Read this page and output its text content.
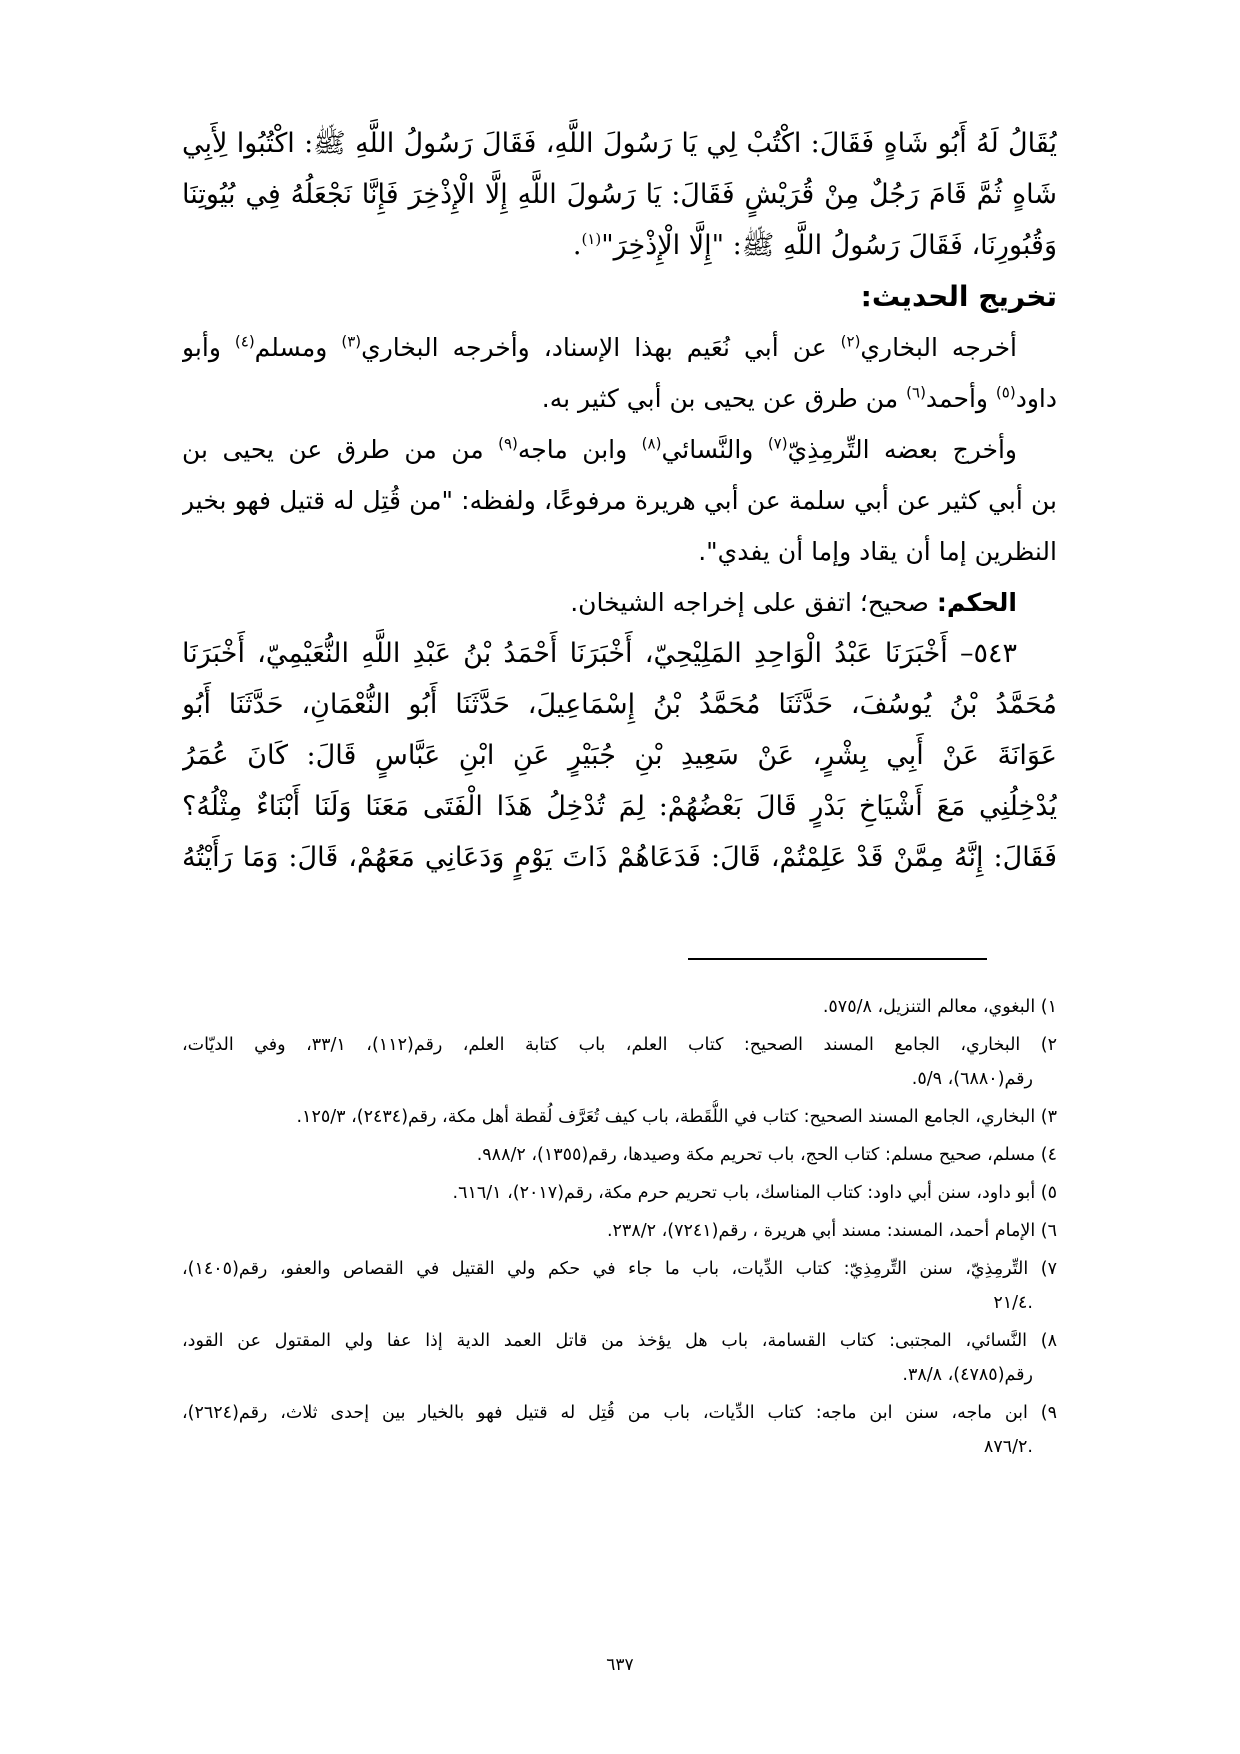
يُقَالُ لَهُ أَبُو شَاهٍ فَقَالَ: اكْتُبْ لِي يَا رَسُولَ اللَّهِ، فَقَالَ رَسُولُ اللَّهِ ﷺ: اكْتُبُوا لِأَبِي
شَاهٍ ثُمَّ قَامَ رَجُلٌ مِنْ قُرَيْشٍ فَقَالَ: يَا رَسُولَ اللَّهِ إِلَّا الْإِذْخِرَ فَإِنَّا نَجْعَلُهُ فِي بُيُوتِنَا
وَقُبُورِنَا، فَقَالَ رَسُولُ اللَّهِ ﷺ: "إِلَّا الْإِذْخِرَ"$^{(١)}$.

تخريج الحديث:

أخرجه البخاري$^{(٢)}$ عن أبي نُعَيم بهذا الإسناد، وأخرجه البخاري$^{(٣)}$ ومسلم$^{(٤)}$ وأبو
داود$^{(٥)}$ وأحمد$^{(٦)}$ من طرق عن يحيى بن أبي كثير به.

وأخرج بعضه التِّرمِذِيّ$^{(٧)}$ والنَّسائي$^{(٨)}$ وابن ماجه$^{(٩)}$ من من طرق عن يحيى بن
بن أبي كثير عن أبي سلمة عن أبي هريرة مرفوعًا، ولفظه: "من قُتِل له قتيل فهو بخير
النظرين إما أن يقاد وإما أن يفدي".

الحكم: صحيح؛ اتفق على إخراجه الشيخان.

٥٤٣– أَخْبَرَنَا عَبْدُ الْوَاحِدِ المَلِيْحِيّ، أَخْبَرَنَا أَحْمَدُ بْنُ عَبْدِ اللَّهِ النُّعَيْمِيّ، أَخْبَرَنَا
مُحَمَّدُ بْنُ يُوسُفَ، حَدَّثَنَا مُحَمَّدُ بْنُ إِسْمَاعِيلَ، حَدَّثَنَا أَبُو النُّعْمَانِ، حَدَّثَنَا أَبُو
عَوَانَةَ عَنْ أَبِي بِشْرٍ، عَنْ سَعِيدِ بْنِ جُبَيْرٍ عَنِ ابْنِ عَبَّاسٍ قَالَ: كَانَ عُمَرُ
يُدْخِلُنِي مَعَ أَشْيَاخِ بَدْرٍ قَالَ بَعْضُهُمْ: لِمَ تُدْخِلُ هَذَا الْفَتَى مَعَنَا وَلَنَا أَبْنَاءٌ مِثْلُهُ؟
فَقَالَ: إِنَّهُ مِمَّنْ قَدْ عَلِمْتُمْ، قَالَ: فَدَعَاهُمْ ذَاتَ يَوْمٍ وَدَعَانِي مَعَهُمْ، قَالَ: وَمَا رَأَيْتُهُ

١) البغوي، معالم التنزيل، ٥٧٥/٨.

٢) البخاري، الجامع المسند الصحيح: كتاب العلم، باب كتابة العلم، رقم(١١٢)، ٣٣/١، وفي الديّات،
رقم(٦٨٨٠)، ٥/٩.

٣) البخاري، الجامع المسند الصحيح: كتاب في اللُّقَطة، باب كيف تُعَرَّف لُقطة أهل مكة، رقم(٢٤٣٤)، ١٢٥/٣.

٤) مسلم، صحيح مسلم: كتاب الحج، باب تحريم مكة وصيدها، رقم(١٣٥٥)، ٩٨٨/٢.

٥) أبو داود، سنن أبي داود: كتاب المناسك، باب تحريم حرم مكة، رقم(٢٠١٧)، ٦١٦/١.

٦) الإمام أحمد، المسند: مسند أبي هريرة ، رقم(٧٢٤١)، ٢٣٨/٢.

٧) التِّرمِذِيّ، سنن التِّرمِذِيّ: كتاب الدِّيات، باب ما جاء في حكم ولي القتيل في القصاص والعفو، رقم(١٤٠٥)،
.٢١/٤

٨) النَّسائي، المجتبى: كتاب القسامة، باب هل يؤخذ من قاتل العمد الدية إذا عفا ولي المقتول عن القود،
رقم(٤٧٨٥)، ٣٨/٨.

٩) ابن ماجه، سنن ابن ماجه: كتاب الدِّيات، باب من قُتِل له قتيل فهو بالخيار بين إحدى ثلاث، رقم(٢٦٢٤)،
.٨٧٦/٢

٦٣٧
